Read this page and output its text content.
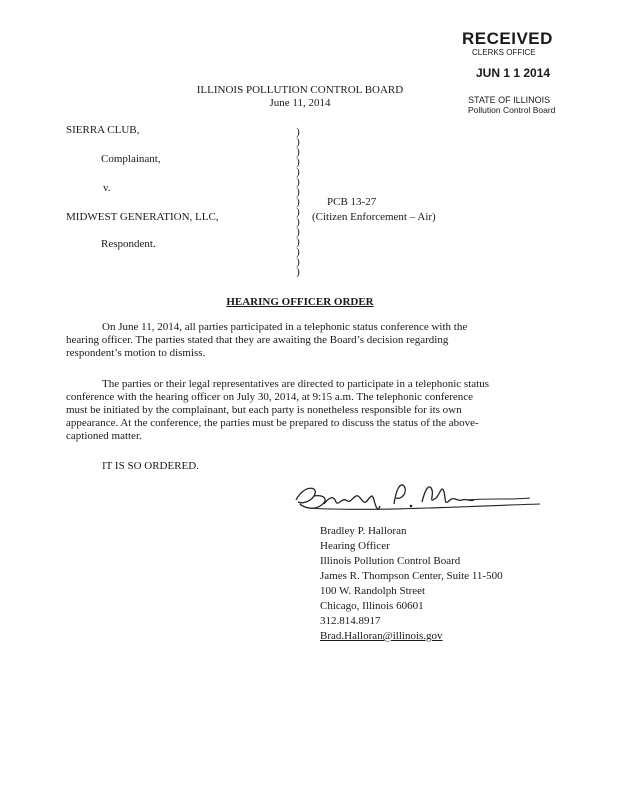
RECEIVED
CLERKS OFFICE
JUN 1 1 2014
STATE OF ILLINOIS
Pollution Control Board
ILLINOIS POLLUTION CONTROL BOARD
June 11, 2014
SIERRA CLUB,
Complainant,
v.
MIDWEST GENERATION, LLC,
Respondent.
)
)
)
)
)
)
)
)
)
)
)
)
)
)
)
PCB 13-27
(Citizen Enforcement – Air)
HEARING OFFICER ORDER
On June 11, 2014, all parties participated in a telephonic status conference with the
hearing officer. The parties stated that they are awaiting the Board’s decision regarding
respondent’s motion to dismiss.
The parties or their legal representatives are directed to participate in a telephonic status
conference with the hearing officer on July 30, 2014, at 9:15 a.m. The telephonic conference
must be initiated by the complainant, but each party is nonetheless responsible for its own
appearance. At the conference, the parties must be prepared to discuss the status of the above-
captioned matter.
IT IS SO ORDERED.
Bradley P. Halloran
Hearing Officer
Illinois Pollution Control Board
James R. Thompson Center, Suite 11-500
100 W. Randolph Street
Chicago, Illinois 60601
312.814.8917
Brad.Halloran@illinois.gov
